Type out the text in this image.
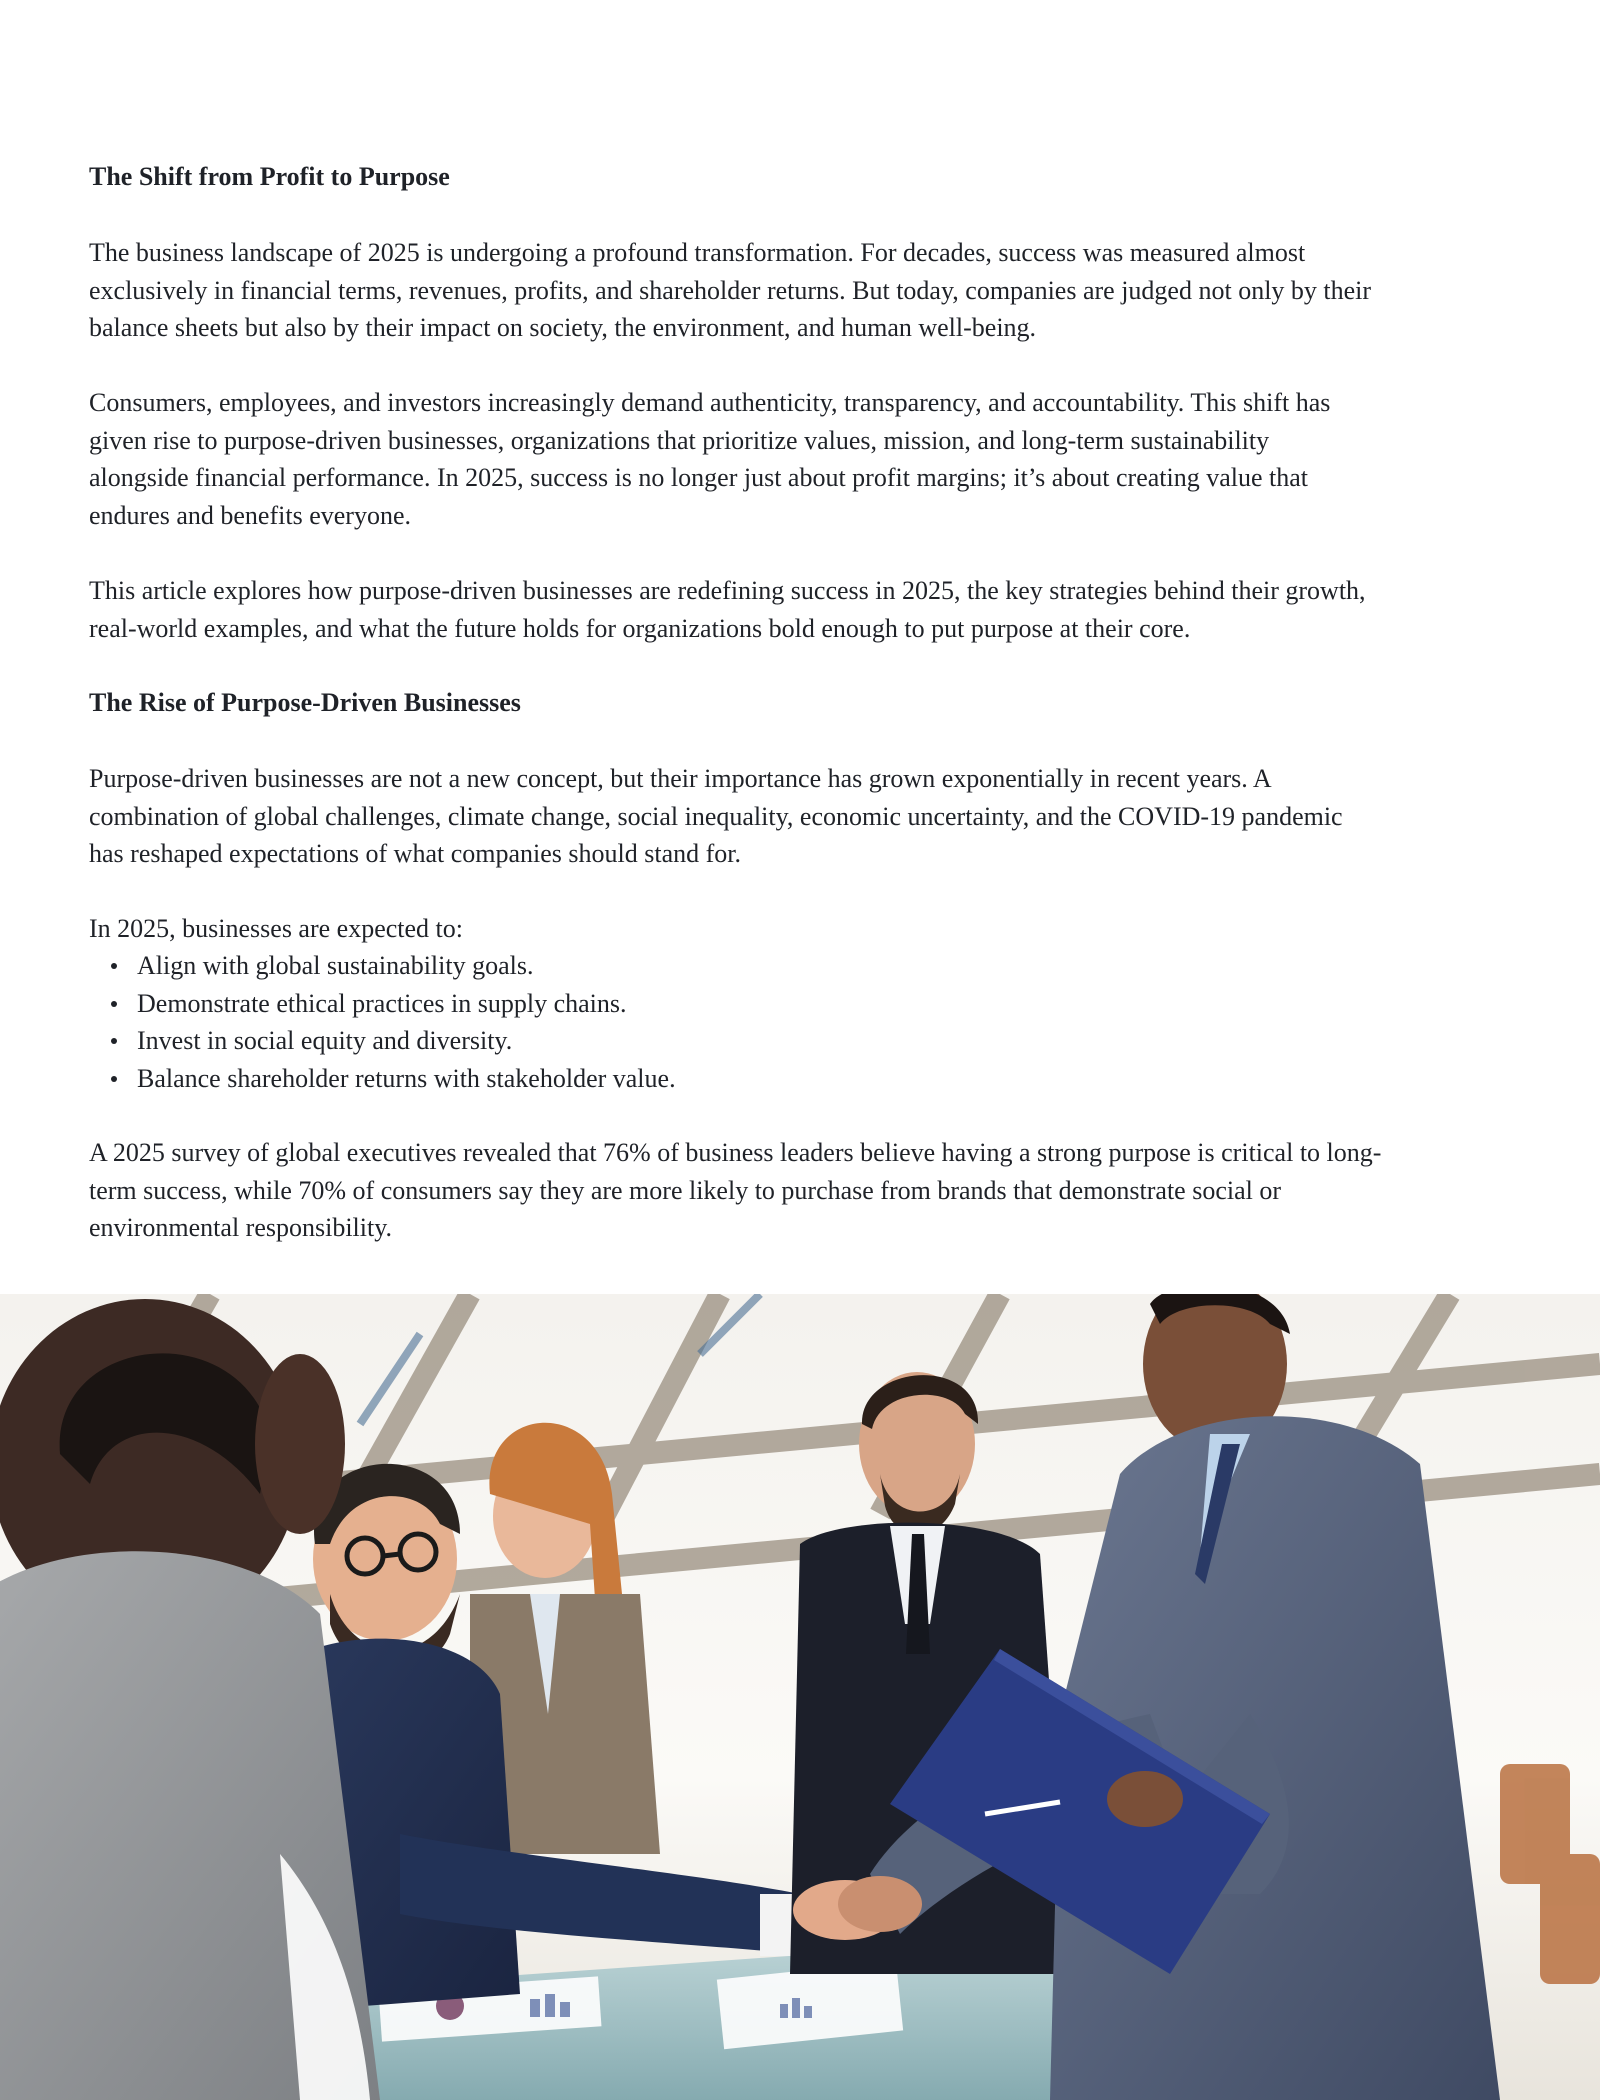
The Shift from Profit to Purpose

The business landscape of 2025 is undergoing a profound transformation. For decades, success was measured almost
exclusively in financial terms, revenues, profits, and shareholder returns. But today, companies are judged not only by their
balance sheets but also by their impact on society, the environment, and human well-being.

Consumers, employees, and investors increasingly demand authenticity, transparency, and accountability. This shift has
given rise to purpose-driven businesses, organizations that prioritize values, mission, and long-term sustainability
alongside financial performance. In 2025, success is no longer just about profit margins; it’s about creating value that
endures and benefits everyone.

This article explores how purpose-driven businesses are redefining success in 2025, the key strategies behind their growth,
real-world examples, and what the future holds for organizations bold enough to put purpose at their core.

The Rise of Purpose-Driven Businesses

Purpose-driven businesses are not a new concept, but their importance has grown exponentially in recent years. A
combination of global challenges, climate change, social inequality, economic uncertainty, and the COVID-19 pandemic
has reshaped expectations of what companies should stand for.

In 2025, businesses are expected to:

Align with global sustainability goals.
Demonstrate ethical practices in supply chains.
Invest in social equity and diversity.
Balance shareholder returns with stakeholder value.

A 2025 survey of global executives revealed that 76% of business leaders believe having a strong purpose is critical to long-
term success, while 70% of consumers say they are more likely to purchase from brands that demonstrate social or
environmental responsibility.
